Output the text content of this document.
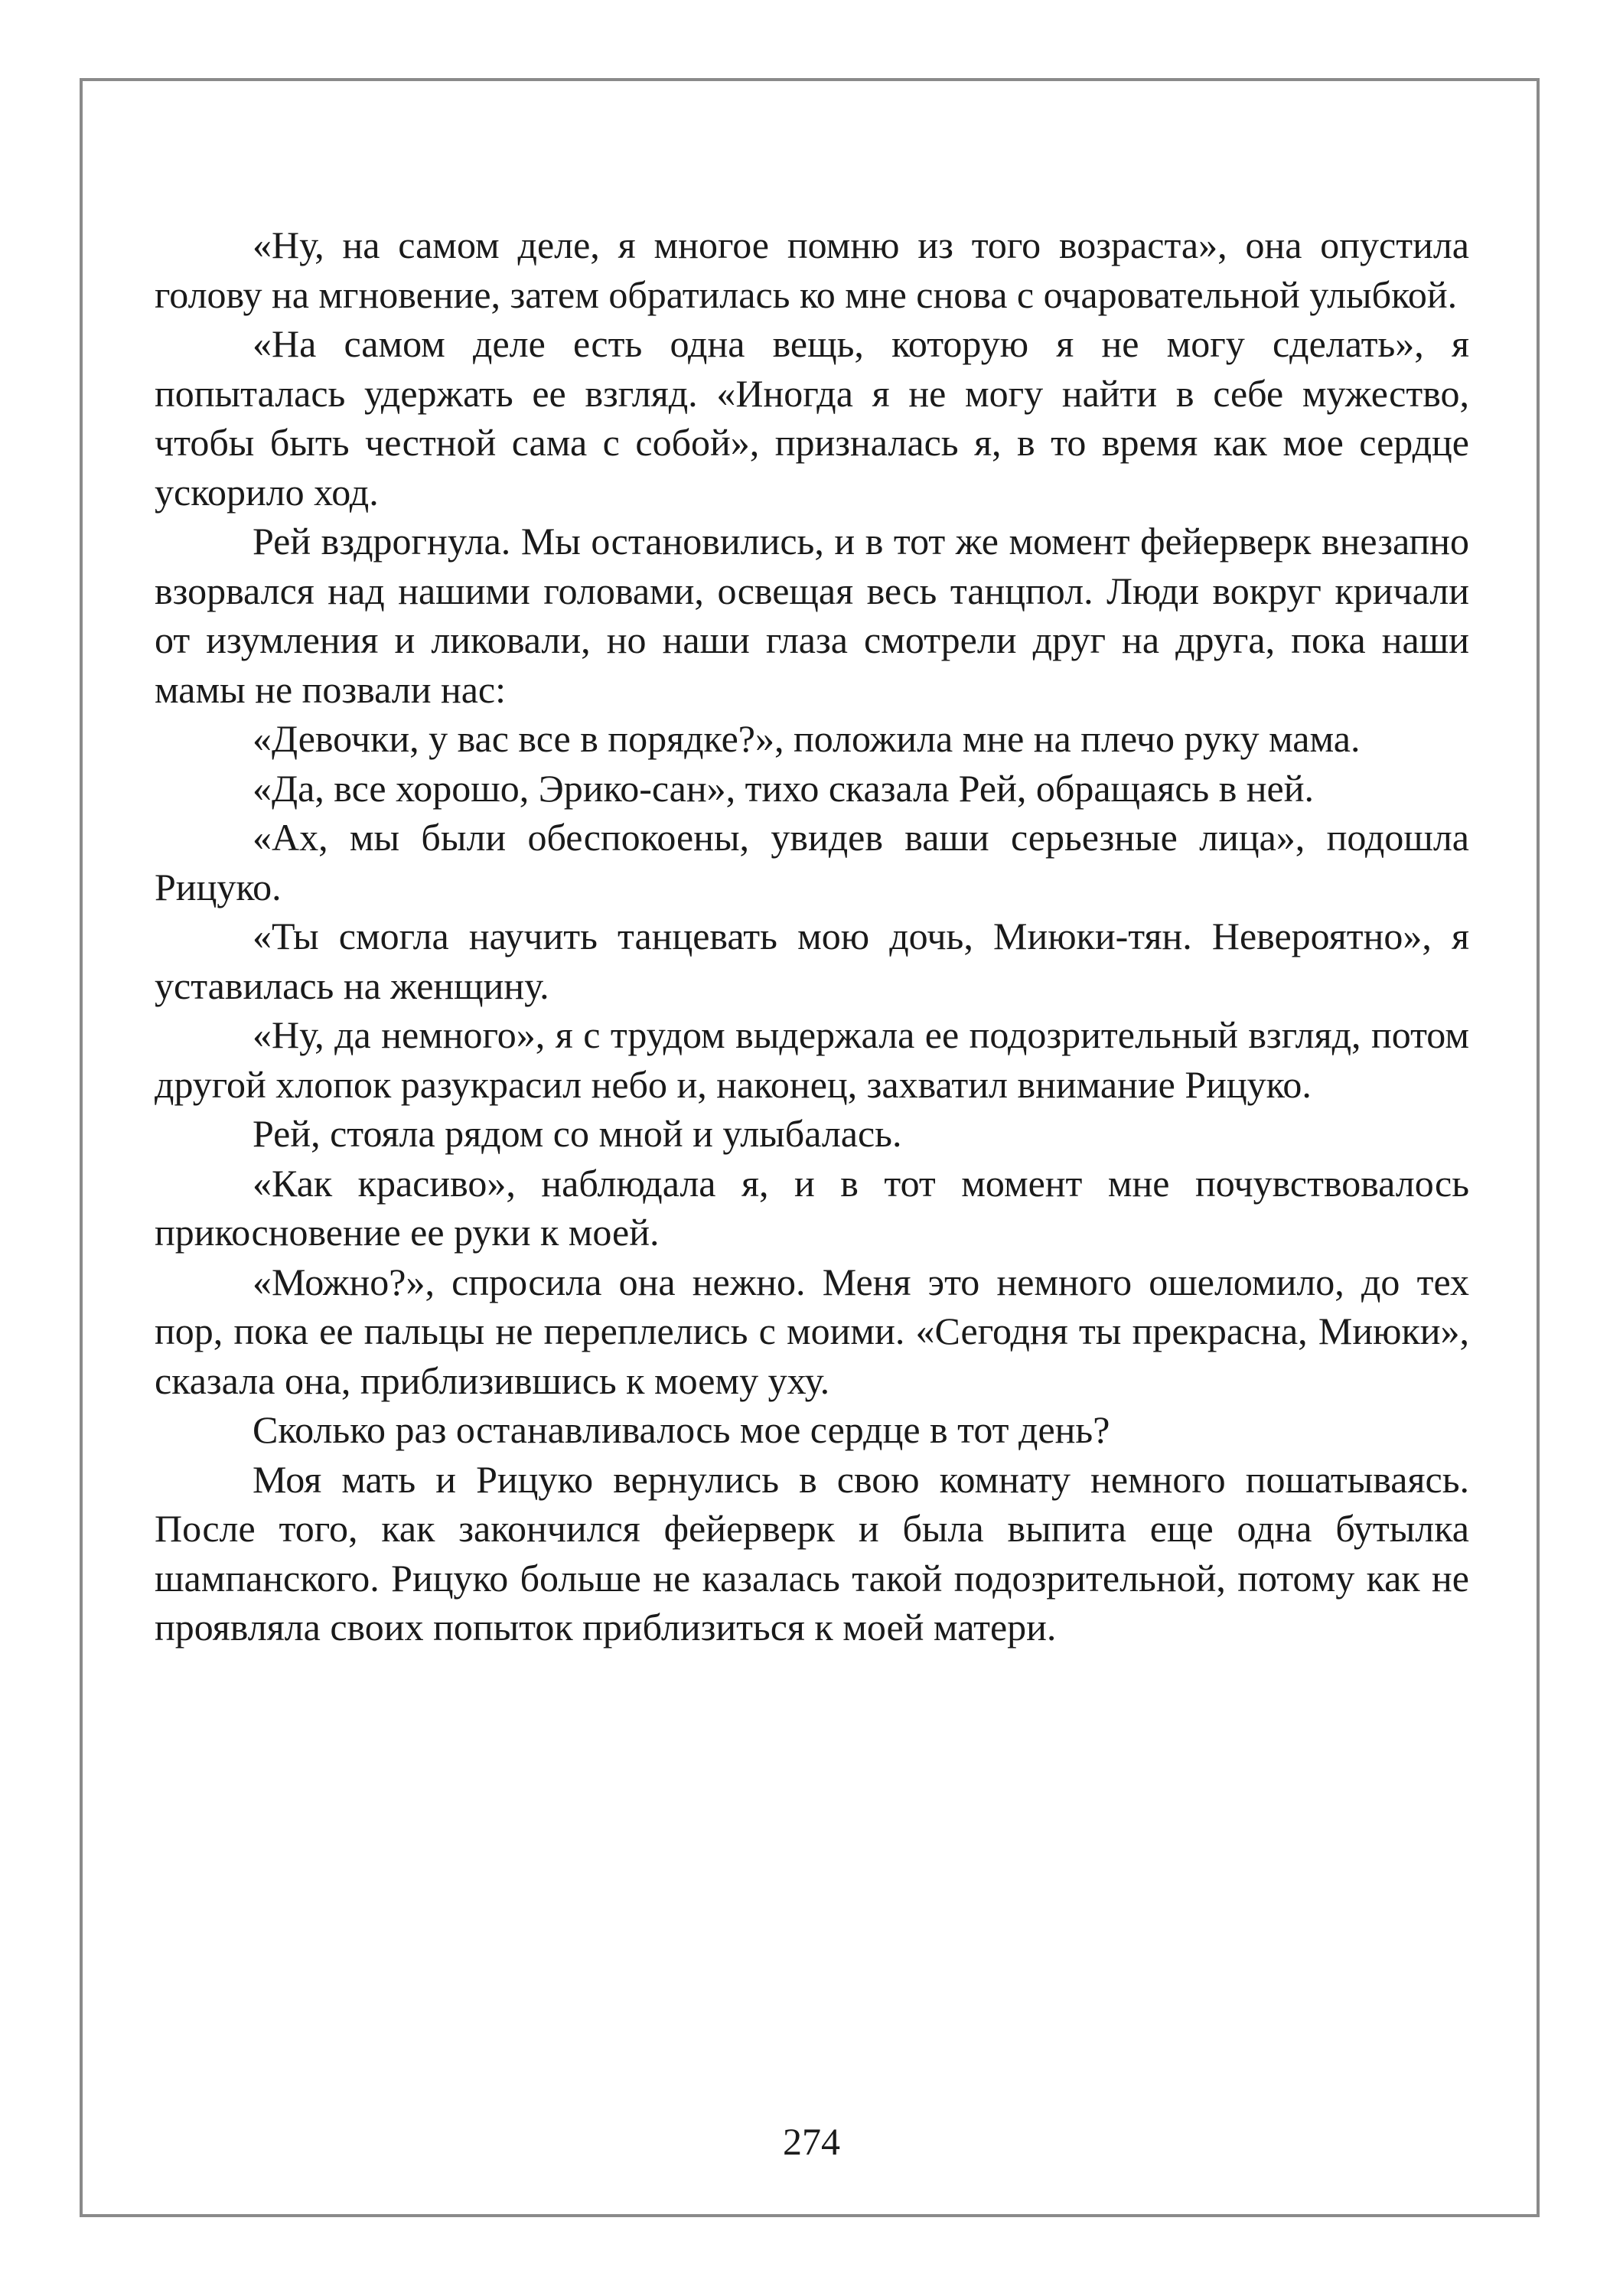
«Ну, на самом деле, я многое помню из того возраста», она опустила голову на мгновение, затем обратилась ко мне снова с очаровательной улыбкой.

«На самом деле есть одна вещь, которую я не могу сделать», я попыталась удержать ее взгляд. «Иногда я не могу найти в себе мужество, чтобы быть честной сама с собой», призналась я, в то время как мое сердце ускорило ход.

Рей вздрогнула. Мы остановились, и в тот же момент фейерверк внезапно взорвался над нашими головами, освещая весь танцпол. Люди вокруг кричали от изумления и ликовали, но наши глаза смотрели друг на друга, пока наши мамы не позвали нас:

«Девочки, у вас все в порядке?», положила мне на плечо руку мама.

«Да, все хорошо, Эрико-сан», тихо сказала Рей, обращаясь в ней.

«Ах, мы были обеспокоены, увидев ваши серьезные лица», подошла Рицуко.

«Ты смогла научить танцевать мою дочь, Миюки-тян. Невероятно», я уставилась на женщину.

«Ну, да немного», я с трудом выдержала ее подозрительный взгляд, потом другой хлопок разукрасил небо и, наконец, захватил внимание Рицуко.

Рей, стояла рядом со мной и улыбалась.

«Как красиво», наблюдала я, и в тот момент мне почувствовалось прикосновение ее руки к моей.

«Можно?», спросила она нежно. Меня это немного ошеломило, до тех пор, пока ее пальцы не переплелись с моими. «Сегодня ты прекрасна, Миюки», сказала она, приблизившись к моему уху.

Сколько раз останавливалось мое сердце в тот день?

Моя мать и Рицуко вернулись в свою комнату немного пошатываясь. После того, как закончился фейерверк и была выпита еще одна бутылка шампанского. Рицуко больше не казалась такой подозрительной, потому как не проявляла своих попыток приблизиться к моей матери.

274
